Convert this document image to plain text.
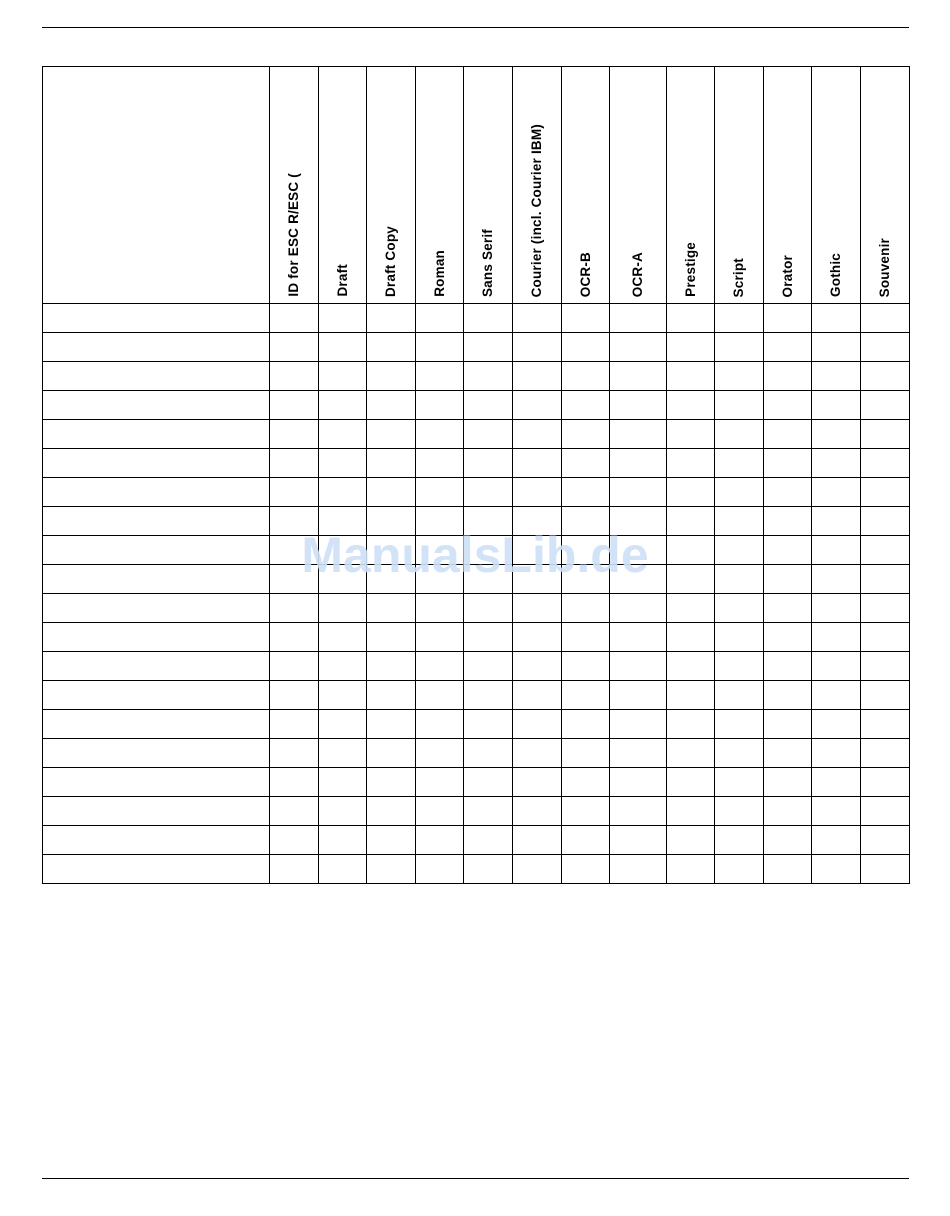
	ID for ESC R/ESC (	Draft	Draft Copy	Roman	Sans Serif	Courier (incl. Courier IBM)	OCR-B	OCR-A	Prestige	Script	Orator	Gothic	Souvenir

ManualsLib.de
